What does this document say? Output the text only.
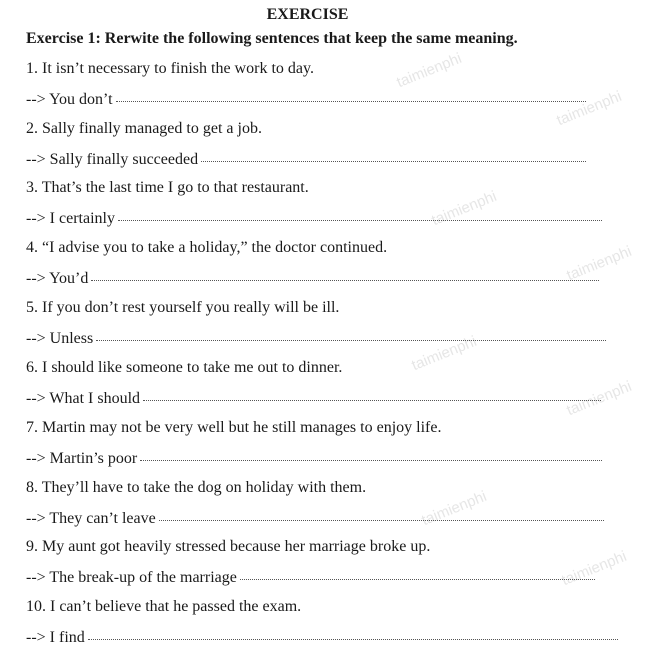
taimienphi
taimienphi
taimienphi
taimienphi
taimienphi
taimienphi
taimienphi
taimienphi
EXERCISE
Exercise 1: Rerwite the following sentences that keep the same meaning.
1. It isn’t necessary to finish the work to day.
--> You don’t
2. Sally finally managed to get a job.
--> Sally finally succeeded
3. That’s the last time I go to that restaurant.
--> I certainly
4. “I advise you to take a holiday,” the doctor continued.
--> You’d
5. If you don’t rest yourself you really will be ill.
--> Unless
6. I should like someone to take me out to dinner.
--> What I should
7. Martin may not be very well but he still manages to enjoy life.
--> Martin’s poor
8. They’ll have to take the dog on holiday with them.
--> They can’t leave
9. My aunt got heavily stressed because her marriage broke up.
--> The break-up of the marriage
10. I can’t believe that he passed the exam.
--> I find
